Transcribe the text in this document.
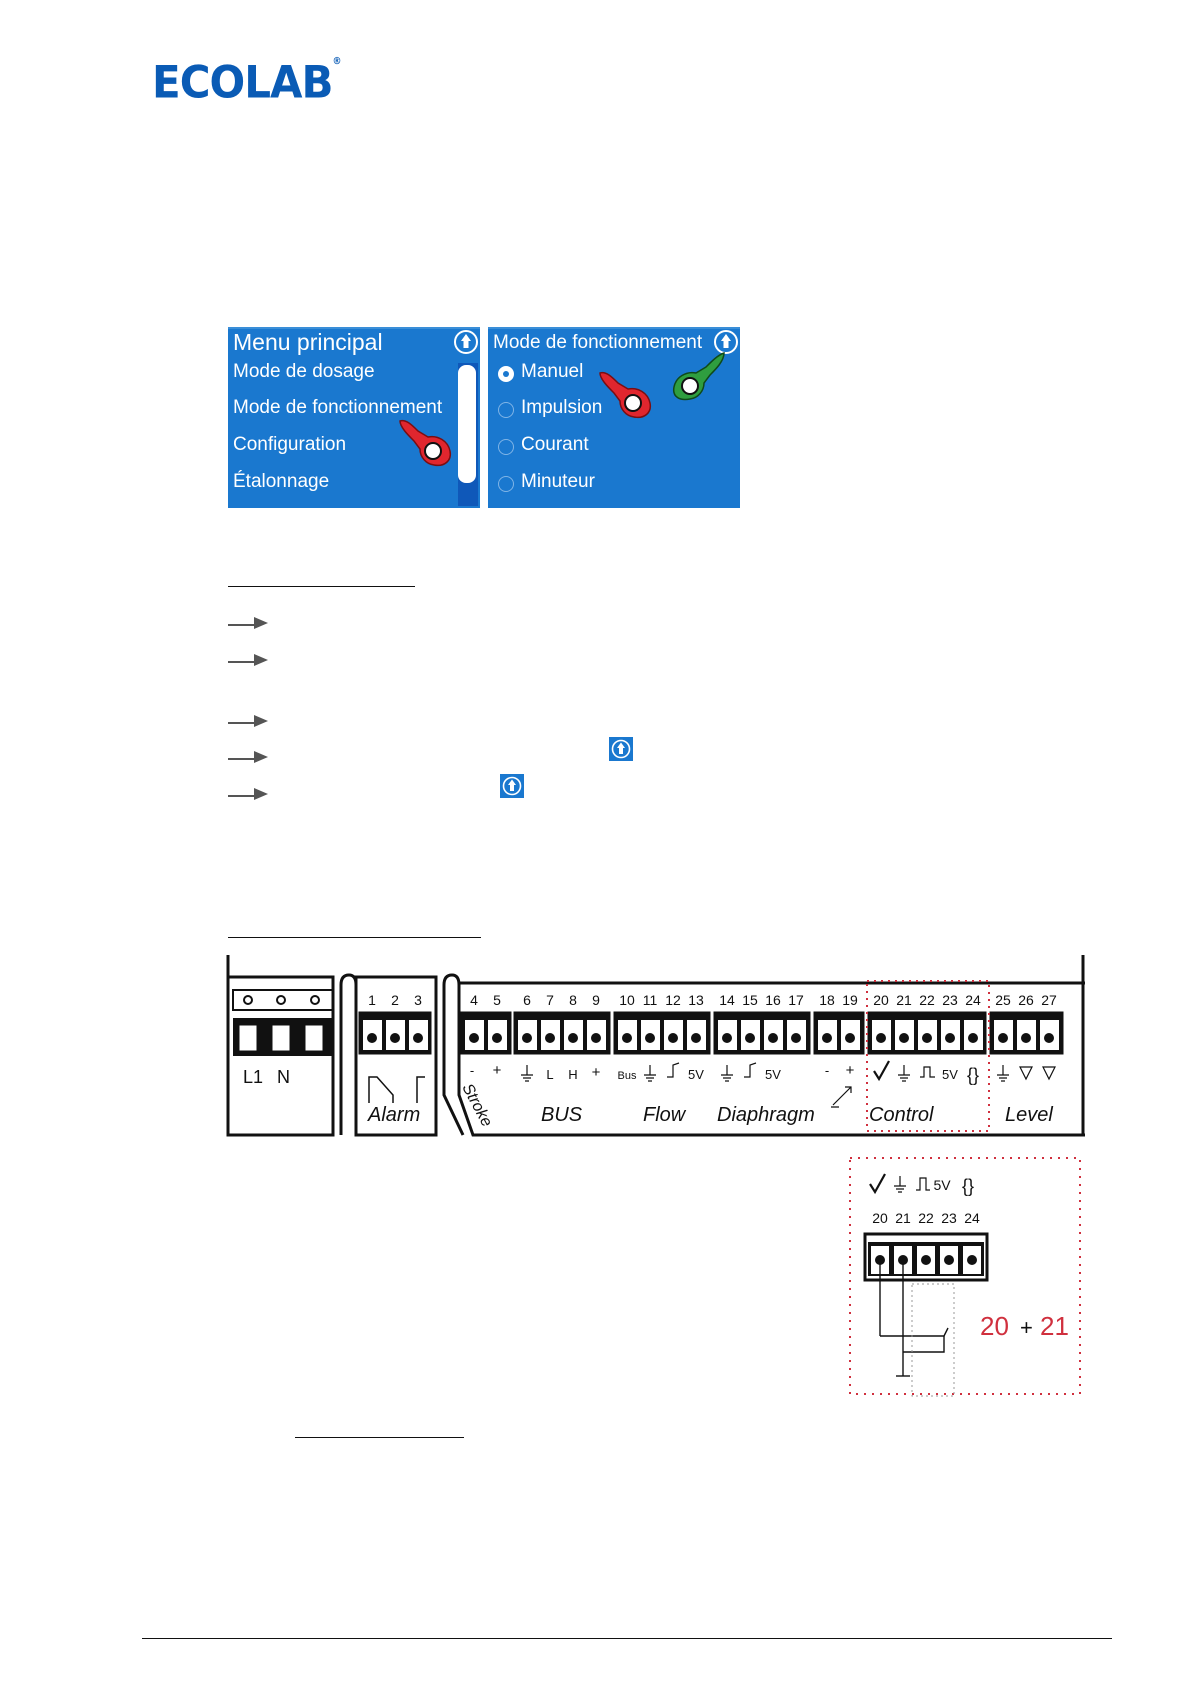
ECOLAB®
Menu principal
Mode de dosage
Mode de fonctionnement
Configuration
Étalonnage
Mode de fonctionnement
Manuel
Impulsion
Courant
Minuteur
L1 N
Alarm
1 2 3	4 5 6 7 8 9 10 11 12 13 14 15 16 17 18 19 20 21 22 23 24 25 26 27
- +	L H + Bus	5V	5V	- +	5V {}
Stroke BUS	Flow Diaphragm	Control	Level
5V {}
20 21 22 23 24
20 + 21
